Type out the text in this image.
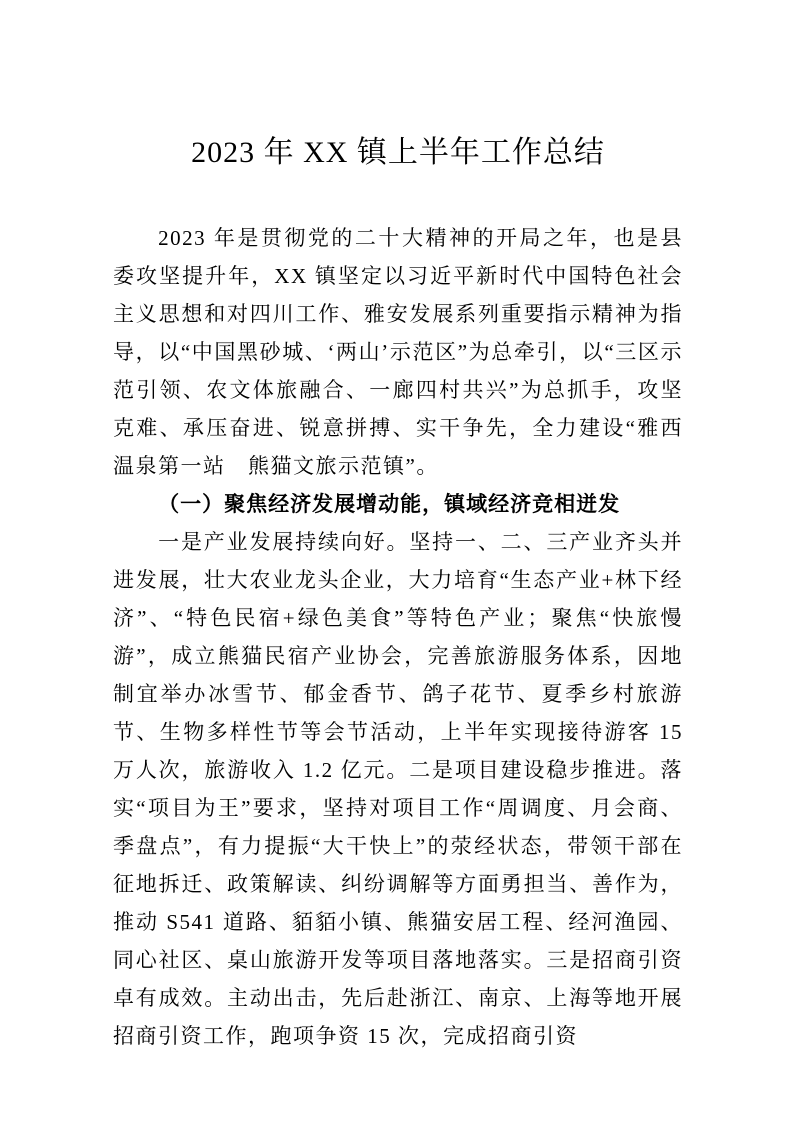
2023 年 XX 镇上半年工作总结

2023 年是贯彻党的二十大精神的开局之年，也是县委攻坚提升年，XX 镇坚定以习近平新时代中国特色社会主义思想和对四川工作、雅安发展系列重要指示精神为指导，以“中国黑砂城、‘两山’示范区”为总牵引，以“三区示范引领、农文体旅融合、一廊四村共兴”为总抓手，攻坚克难、承压奋进、锐意拼搏、实干争先，全力建设“雅西温泉第一站　熊猫文旅示范镇”。

（一）聚焦经济发展增动能，镇域经济竞相迸发

一是产业发展持续向好。坚持一、二、三产业齐头并进发展，壮大农业龙头企业，大力培育“生态产业+林下经济”、“特色民宿+绿色美食”等特色产业；聚焦“快旅慢游”，成立熊猫民宿产业协会，完善旅游服务体系，因地制宜举办冰雪节、郁金香节、鸽子花节、夏季乡村旅游节、生物多样性节等会节活动，上半年实现接待游客 15 万人次，旅游收入 1.2 亿元。二是项目建设稳步推进。落实“项目为王”要求，坚持对项目工作“周调度、月会商、季盘点”，有力提振“大干快上”的荥经状态，带领干部在征地拆迁、政策解读、纠纷调解等方面勇担当、善作为，推动 S541 道路、貊貊小镇、熊猫安居工程、经河渔园、同心社区、桌山旅游开发等项目落地落实。三是招商引资卓有成效。主动出击，先后赴浙江、南京、上海等地开展招商引资工作，跑项争资 15 次，完成招商引资
